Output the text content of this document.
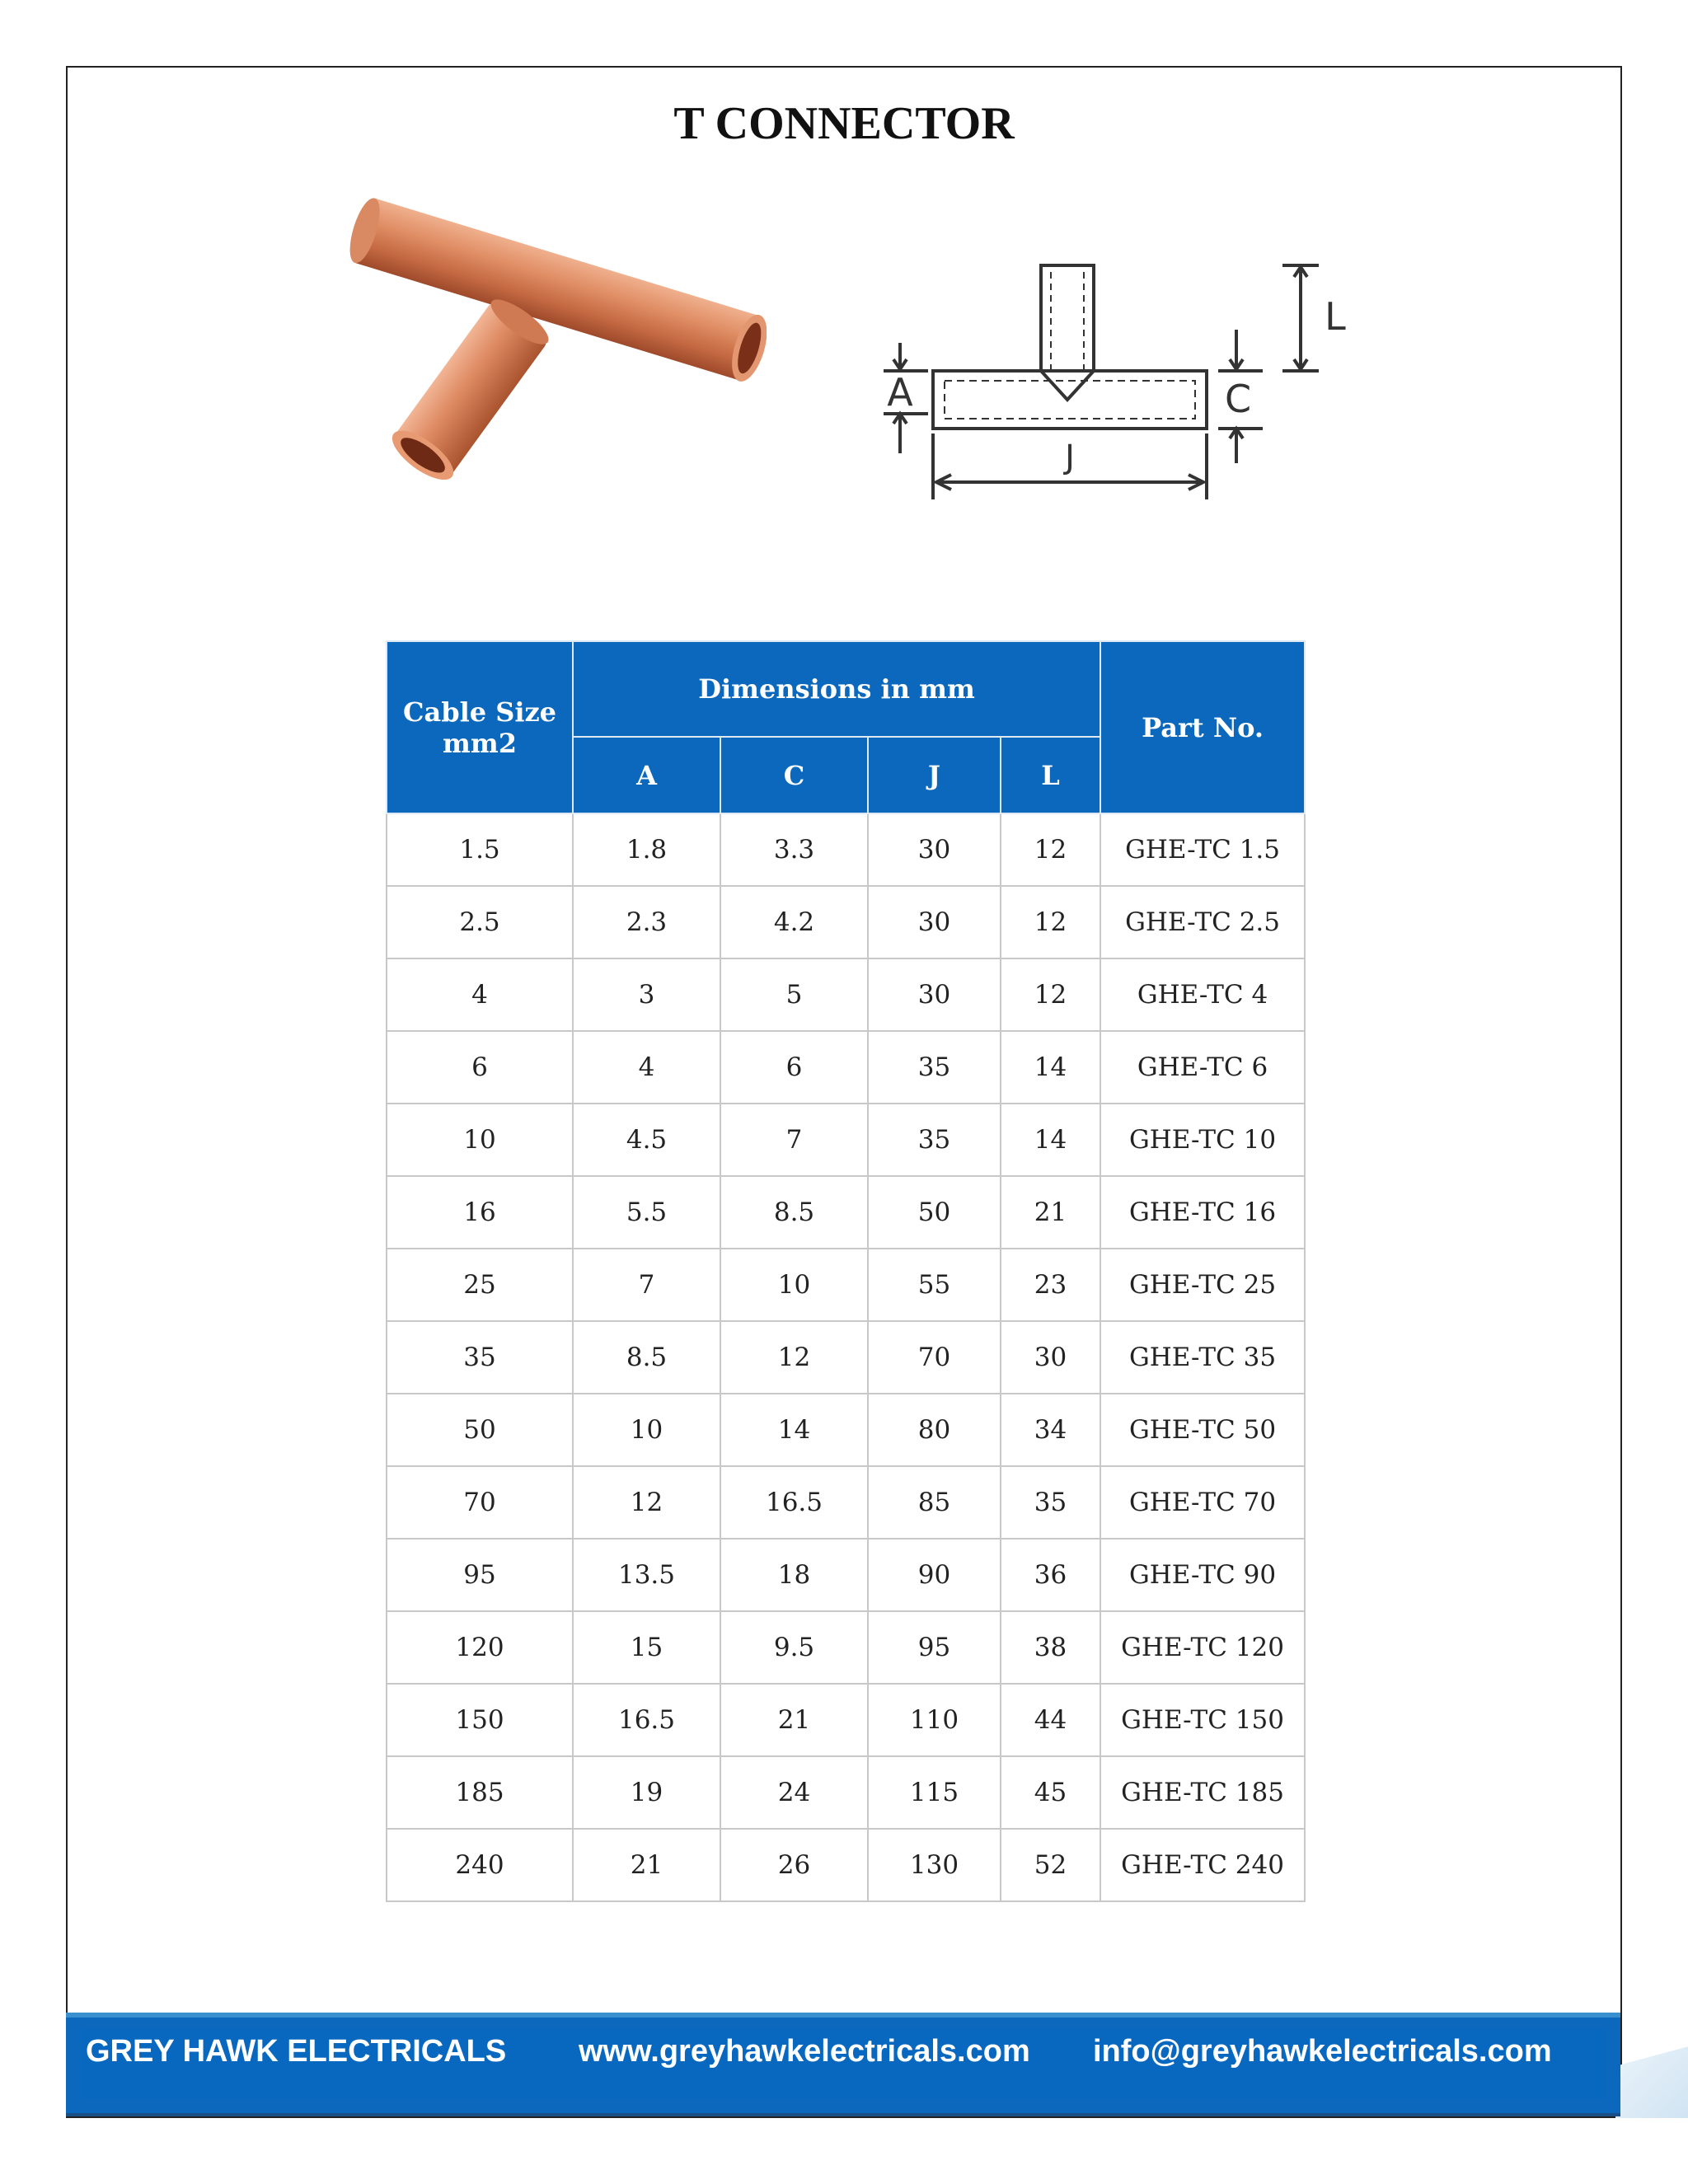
T CONNECTOR
A	C
L
J
Cable Size mm2	Dimensions in mm				Part No.
	A	C	J	L	
1.5	1.8	3.3	30	12	GHE-TC 1.5
2.5	2.3	4.2	30	12	GHE-TC 2.5
4	3	5	30	12	GHE-TC 4
6	4	6	35	14	GHE-TC 6
10	4.5	7	35	14	GHE-TC 10
16	5.5	8.5	50	21	GHE-TC 16
25	7	10	55	23	GHE-TC 25
35	8.5	12	70	30	GHE-TC 35
50	10	14	80	34	GHE-TC 50
70	12	16.5	85	35	GHE-TC 70
95	13.5	18	90	36	GHE-TC 90
120	15	9.5	95	38	GHE-TC 120
150	16.5	21	110	44	GHE-TC 150
185	19	24	115	45	GHE-TC 185
240	21	26	130	52	GHE-TC 240
GREY HAWK ELECTRICALS www.greyhawkelectricals.com info@greyhawkelectricals.com
